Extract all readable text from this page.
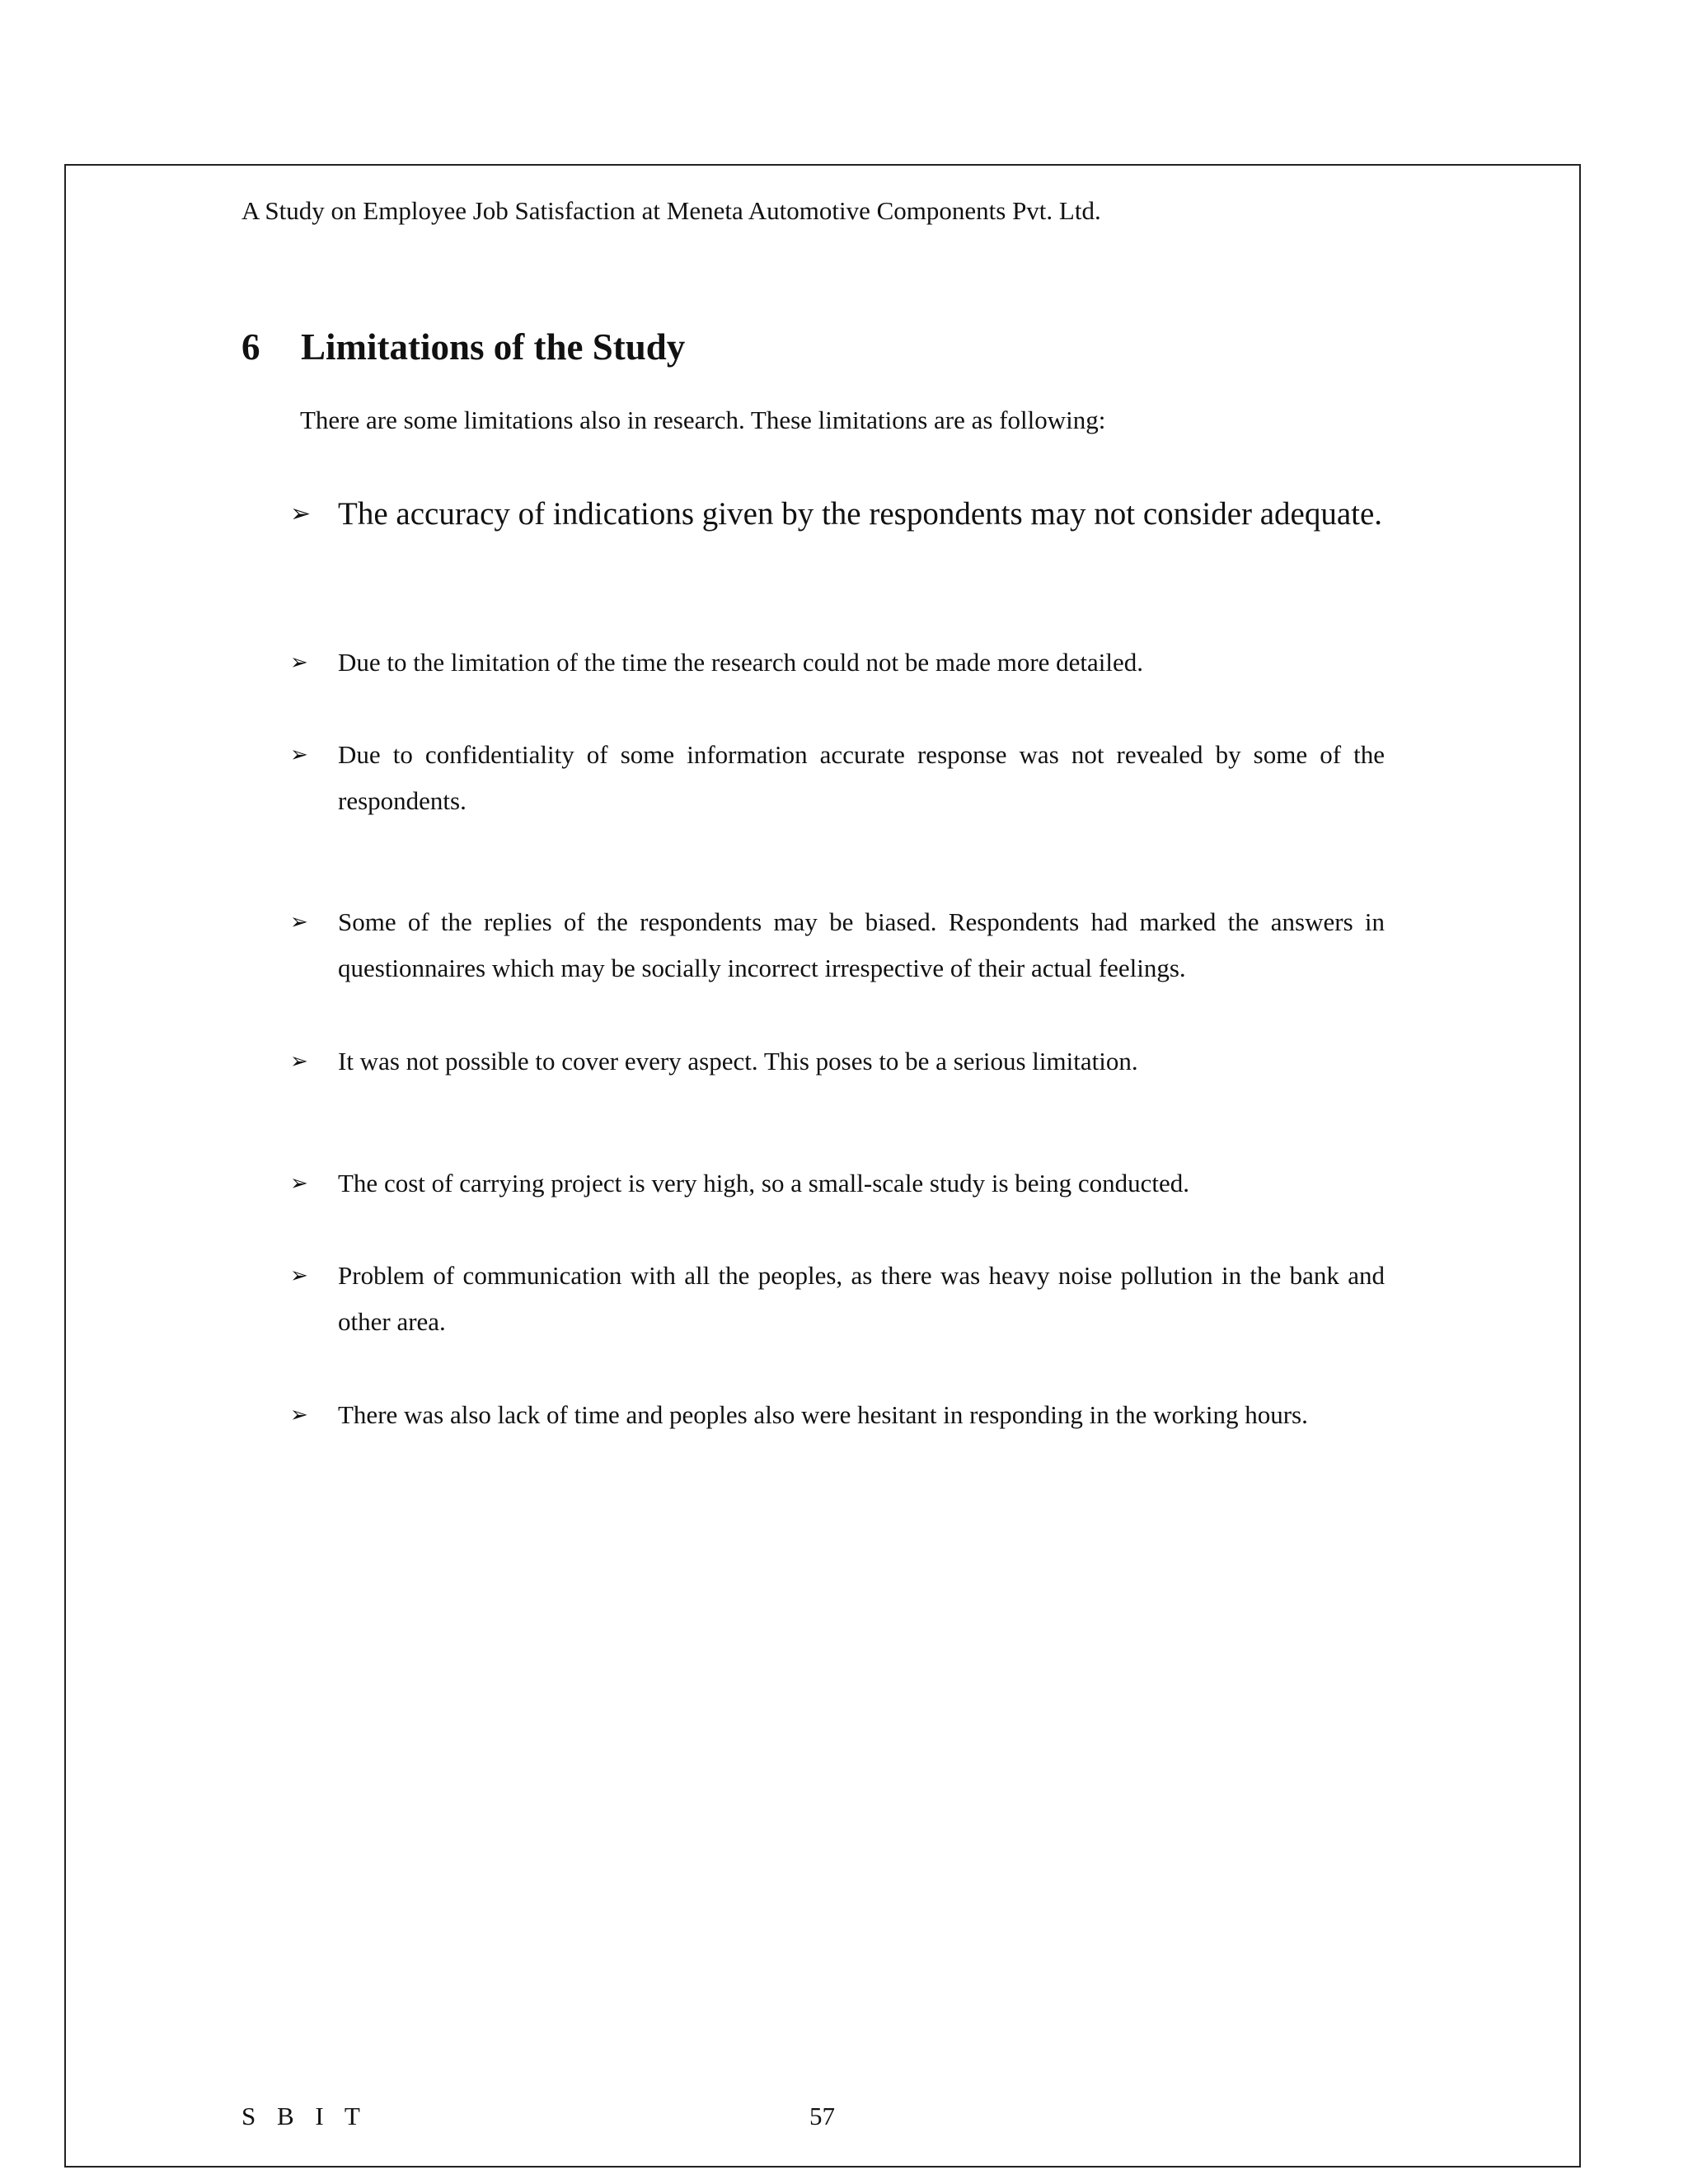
A Study on Employee Job Satisfaction at Meneta Automotive Components Pvt. Ltd.
6 Limitations of the Study
There are some limitations also in research. These limitations are as following:
➢ The accuracy of indications given by the respondents may not consider adequate.
➢	Due to the limitation of the time the research could not be made more detailed.
➢	Due to confidentiality of some information accurate response was not revealed by some of the respondents.
➢	Some of the replies of the respondents may be biased. Respondents had marked the answers in questionnaires which may be socially incorrect irrespective of their actual feelings.
➢	It was not possible to cover every aspect. This poses to be a serious limitation.
➢	The cost of carrying project is very high, so a small-scale study is being conducted.
➢	Problem of communication with all the peoples, as there was heavy noise pollution in the bank and other area.
➢	There was also lack of time and peoples also were hesitant in responding in the working hours.
S B I T	57
